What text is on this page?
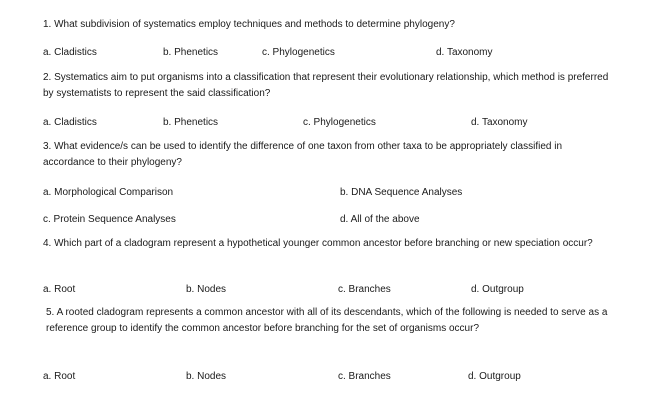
1. What subdivision of systematics employ techniques and methods to determine phylogeny?
a. Cladistics	b. Phenetics	c. Phylogenetics	d. Taxonomy
2. Systematics aim to put organisms into a classification that represent their evolutionary relationship, which method is preferred by systematists to represent the said classification?
a. Cladistics	b. Phenetics	c. Phylogenetics	d. Taxonomy
3. What evidence/s can be used to identify the difference of one taxon from other taxa to be appropriately classified in accordance to their phylogeny?
a. Morphological Comparison	b. DNA Sequence Analyses
c. Protein Sequence Analyses	d. All of the above
4. Which part of a cladogram represent a hypothetical younger common ancestor before branching or new speciation occur?
a. Root	b. Nodes	c. Branches	d. Outgroup
5. A rooted cladogram represents a common ancestor with all of its descendants, which of the following is needed to serve as a reference group to identify the common ancestor before branching for the set of organisms occur?
a. Root	b. Nodes	c. Branches	d. Outgroup
